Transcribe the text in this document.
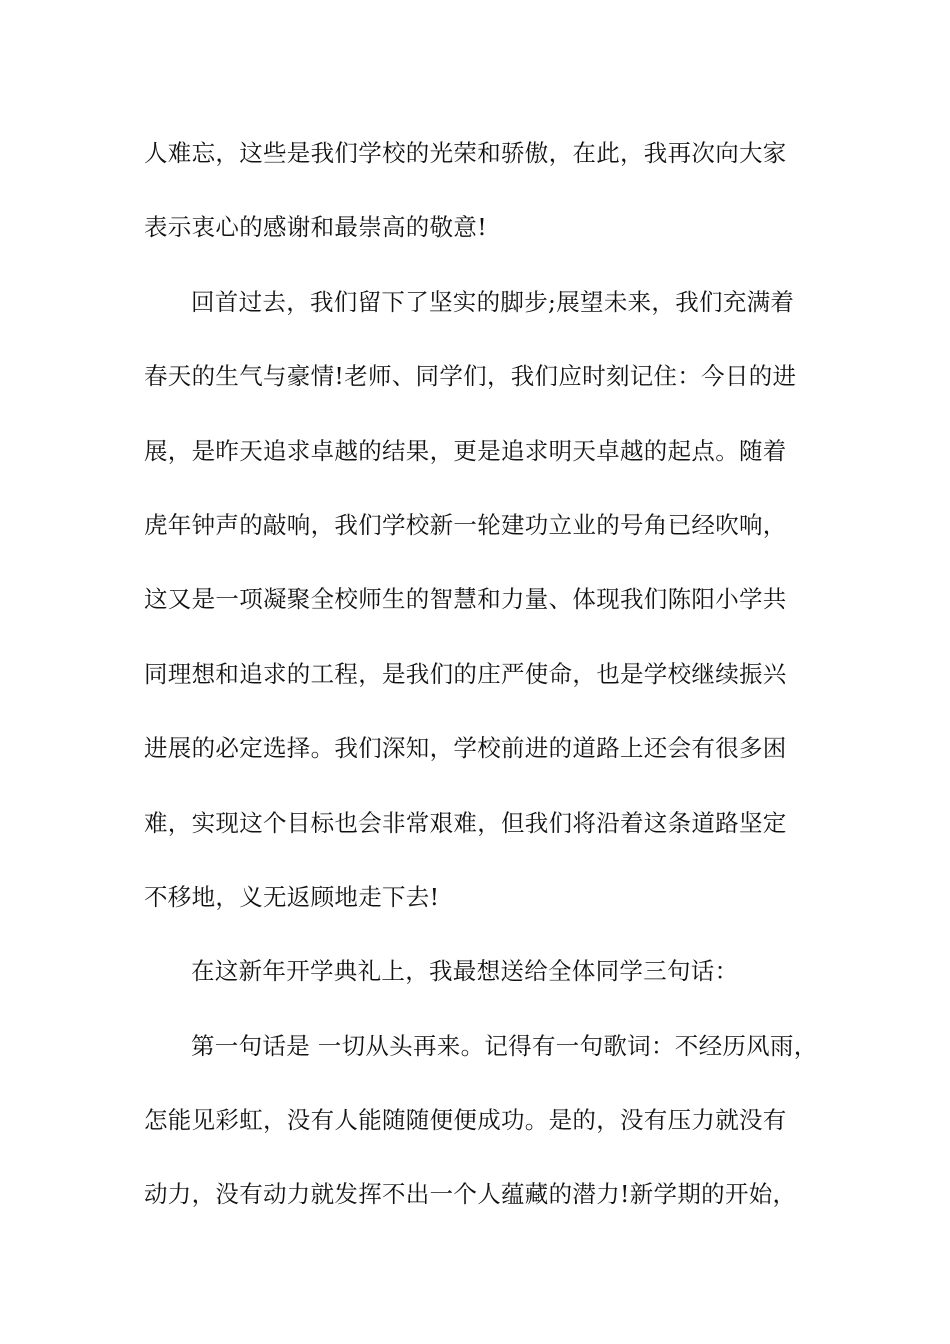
人难忘，这些是我们学校的光荣和骄傲，在此，我再次向大家
表示衷心的感谢和最崇高的敬意!
回首过去，我们留下了坚实的脚步;展望未来，我们充满着
春天的生气与豪情!老师、同学们，我们应时刻记住：今日的进
展，是昨天追求卓越的结果，更是追求明天卓越的起点。随着
虎年钟声的敲响，我们学校新一轮建功立业的号角已经吹响，
这又是一项凝聚全校师生的智慧和力量、体现我们陈阳小学共
同理想和追求的工程，是我们的庄严使命，也是学校继续振兴
进展的必定选择。我们深知，学校前进的道路上还会有很多困
难，实现这个目标也会非常艰难，但我们将沿着这条道路坚定
不移地，义无返顾地走下去!
在这新年开学典礼上，我最想送给全体同学三句话：
第一句话是 一切从头再来。记得有一句歌词：不经历风雨，
怎能见彩虹，没有人能随随便便成功。是的，没有压力就没有
动力，没有动力就发挥不出一个人蕴藏的潜力!新学期的开始，
